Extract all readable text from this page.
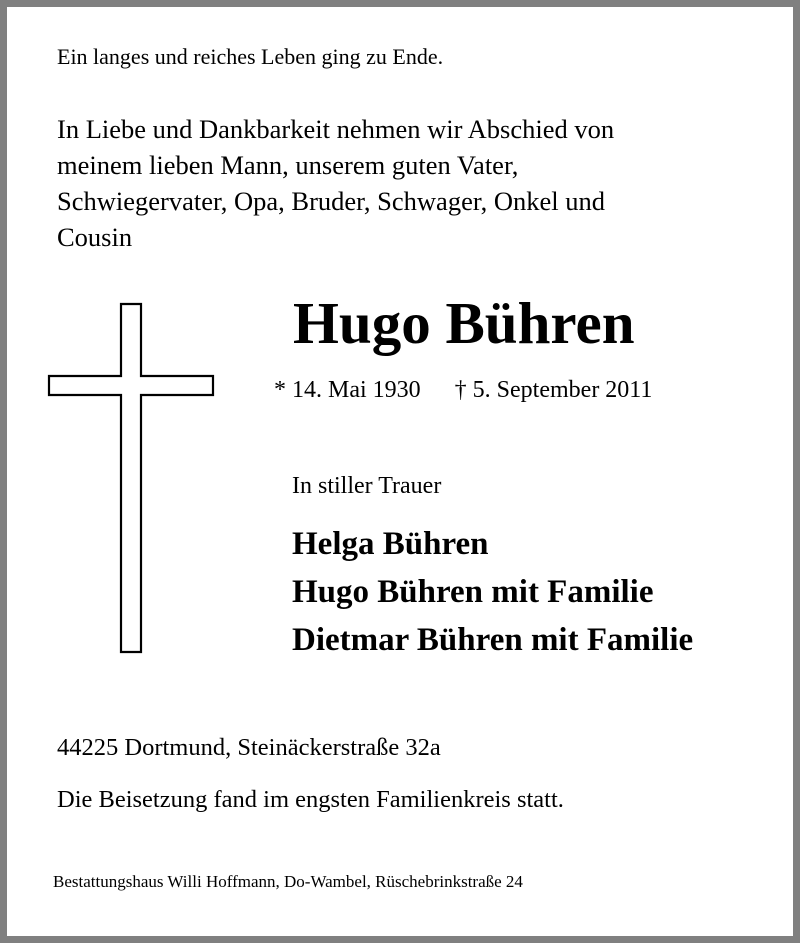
Ein langes und reiches Leben ging zu Ende.
In Liebe und Dankbarkeit nehmen wir Abschied von
meinem lieben Mann, unserem guten Vater,
Schwiegervater, Opa, Bruder, Schwager, Onkel und
Cousin
Hugo Bühren
* 14. Mai 1930 † 5. September 2011
In stiller Trauer
Helga Bühren
Hugo Bühren mit Familie
Dietmar Bühren mit Familie
44225 Dortmund, Steinäckerstraße 32a
Die Beisetzung fand im engsten Familienkreis statt.
Bestattungshaus Willi Hoffmann, Do-Wambel, Rüschebrinkstraße 24
